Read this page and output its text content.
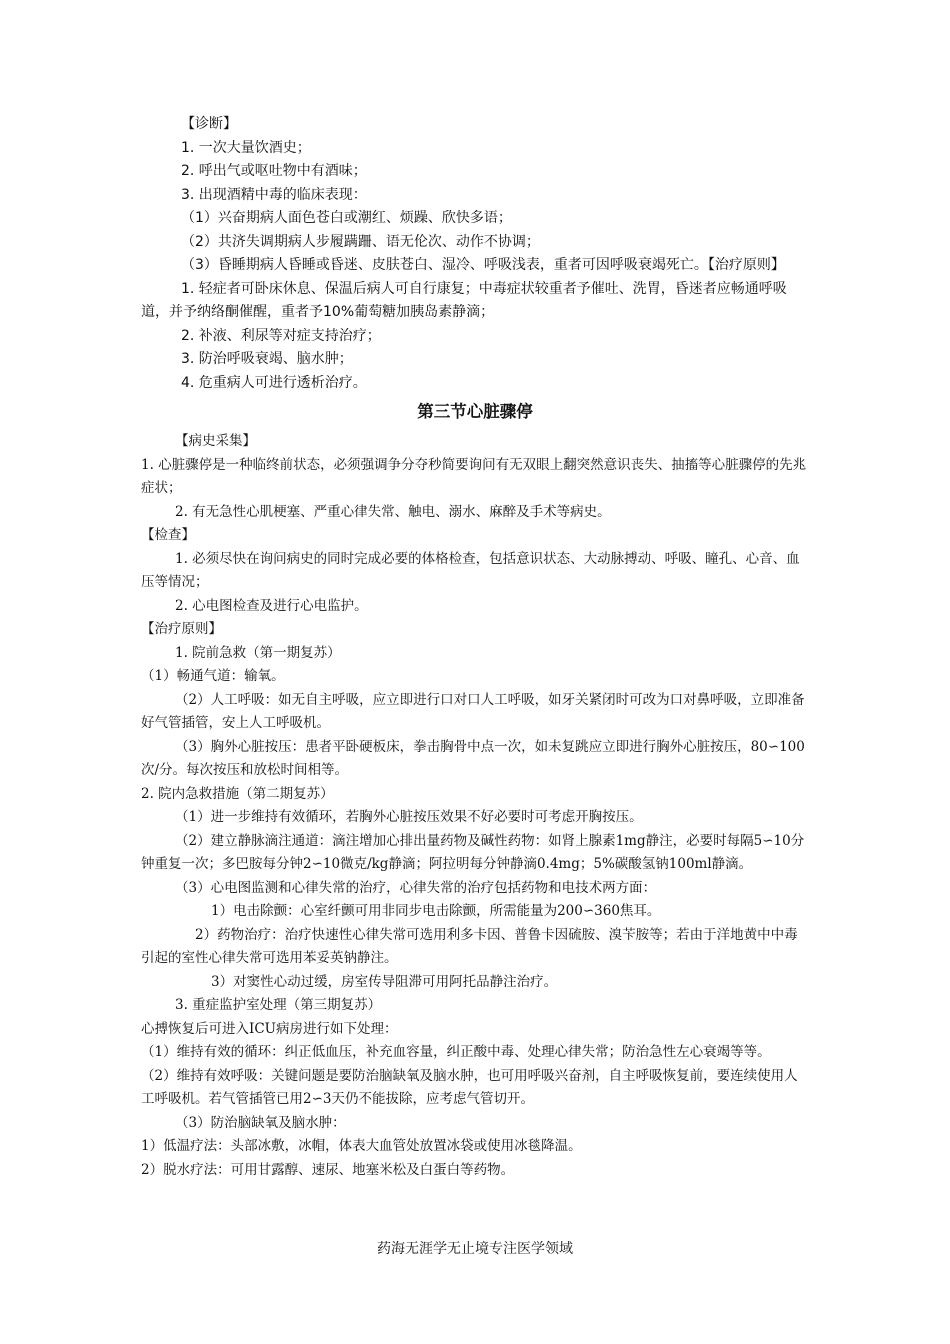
【诊断】

1. 一次大量饮酒史；

2. 呼出气或呕吐物中有酒味；

3. 出现酒精中毒的临床表现：

（1）兴奋期病人面色苍白或潮红、烦躁、欣快多语；

（2）共济失调期病人步履蹒跚、语无伦次、动作不协调；

（3）昏睡期病人昏睡或昏迷、皮肤苍白、湿冷、呼吸浅表，重者可因呼吸衰竭死亡。【治疗原则】

1. 轻症者可卧床休息、保温后病人可自行康复；中毒症状较重者予催吐、洗胃，昏迷者应畅通呼吸道，并予纳络酮催醒，重者予10%葡萄糖加胰岛素静滴；

2. 补液、利尿等对症支持治疗；

3. 防治呼吸衰竭、脑水肿；

4. 危重病人可进行透析治疗。

第三节心脏骤停

【病史采集】

1. 心脏骤停是一种临终前状态，必须强调争分夺秒简要询问有无双眼上翻突然意识丧失、抽搐等心脏骤停的先兆症状；

2. 有无急性心肌梗塞、严重心律失常、触电、溺水、麻醉及手术等病史。

【检查】

1. 必须尽快在询问病史的同时完成必要的体格检查，包括意识状态、大动脉搏动、呼吸、瞳孔、心音、血压等情况；

2. 心电图检查及进行心电监护。

【治疗原则】

1. 院前急救（第一期复苏）

（1）畅通气道：输氧。

（2）人工呼吸：如无自主呼吸，应立即进行口对口人工呼吸，如牙关紧闭时可改为口对鼻呼吸，立即准备好气管插管，安上人工呼吸机。

（3）胸外心脏按压：患者平卧硬板床，拳击胸骨中点一次，如未复跳应立即进行胸外心脏按压，80∽100次/分。每次按压和放松时间相等。

2. 院内急救措施（第二期复苏）

（1）进一步维持有效循环，若胸外心脏按压效果不好必要时可考虑开胸按压。

（2）建立静脉滴注通道：滴注增加心排出量药物及碱性药物：如肾上腺素1mg静注，必要时每隔5∽10分钟重复一次；多巴胺每分钟2∽10微克/kg静滴；阿拉明每分钟静滴0.4mg；5%碳酸氢钠100ml静滴。

（3）心电图监测和心律失常的治疗，心律失常的治疗包括药物和电技术两方面：

1）电击除颤：心室纤颤可用非同步电击除颤，所需能量为200∽360焦耳。

2）药物治疗：治疗快速性心律失常可选用利多卡因、普鲁卡因硫胺、溴苄胺等；若由于洋地黄中中毒引起的室性心律失常可选用苯妥英钠静注。

3）对窦性心动过缓，房室传导阻滞可用阿托品静注治疗。

3. 重症监护室处理（第三期复苏）

心搏恢复后可进入ICU病房进行如下处理：

（1）维持有效的循环：纠正低血压，补充血容量，纠正酸中毒、处理心律失常；防治急性左心衰竭等等。

（2）维持有效呼吸：关键问题是要防治脑缺氧及脑水肿，也可用呼吸兴奋剂，自主呼吸恢复前，要连续使用人工呼吸机。若气管插管已用2∽3天仍不能拔除，应考虑气管切开。

（3）防治脑缺氧及脑水肿：

1）低温疗法：头部冰敷，冰帽，体表大血管处放置冰袋或使用冰毯降温。

2）脱水疗法：可用甘露醇、速尿、地塞米松及白蛋白等药物。

药海无涯学无止境专注医学领域
